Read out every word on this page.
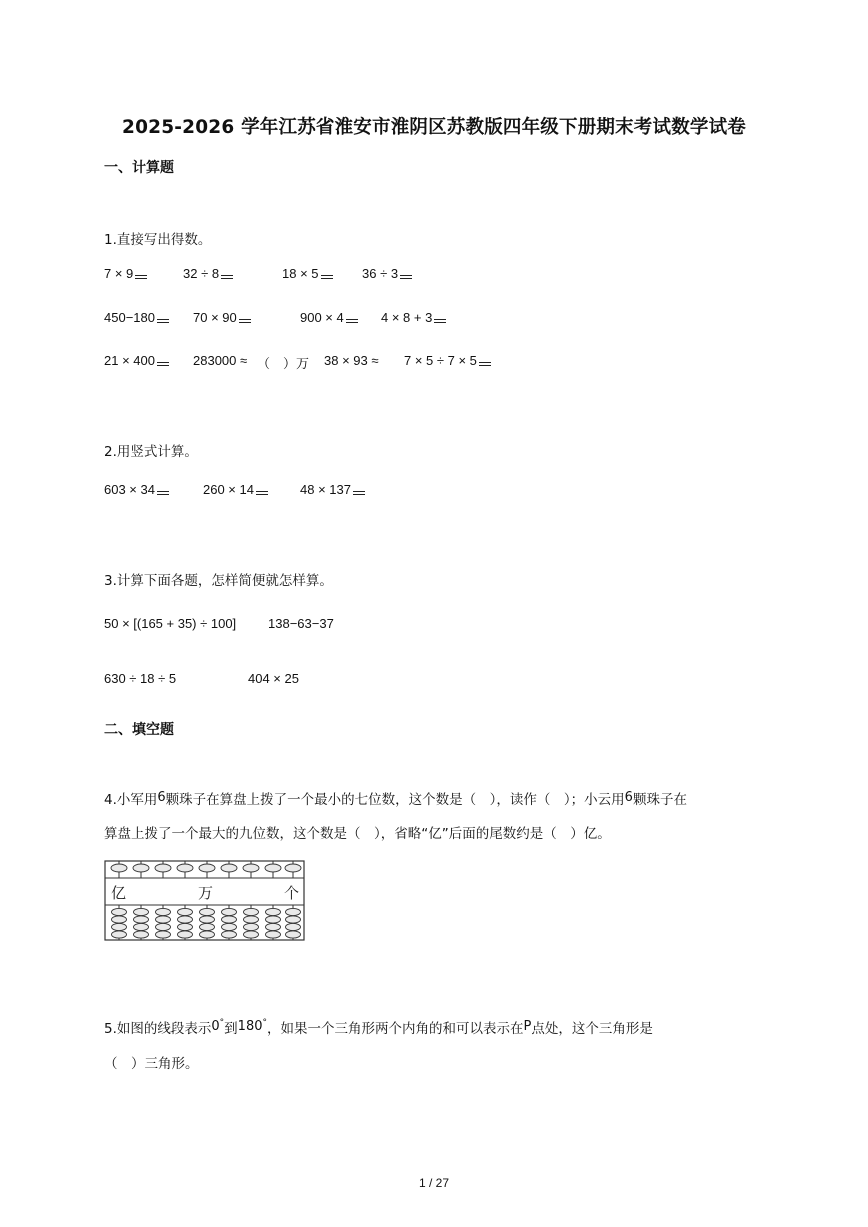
2025-2026 学年江苏省淮安市淮阴区苏教版四年级下册期末考试数学试卷
一、计算题
1.直接写出得数。
7 × 9	32 ÷ 8	18 × 5	36 ÷ 3
450−180	70 × 90	900 × 4	4 × 8 + 3
21 × 400	283000 ≈ （　）万 38 × 93 ≈ 7 × 5 ÷ 7 × 5
2.用竖式计算。
603 × 34	260 × 14	48 × 137
3.计算下面各题，怎样简便就怎样算。
50 × [(165 + 35) ÷ 100] 138−63−37
630 ÷ 18 ÷ 5	404 × 25
二、填空题
4.小军用6颗珠子在算盘上拨了一个最小的七位数，这个数是（　），读作（　）；小云用6颗珠子在
算盘上拨了一个最大的九位数，这个数是（　），省略“亿”后面的尾数约是（　）亿。
亿	万	个
5.如图的线段表示0°到180°，如果一个三角形两个内角的和可以表示在P点处，这个三角形是
（　）三角形。
1 / 27
